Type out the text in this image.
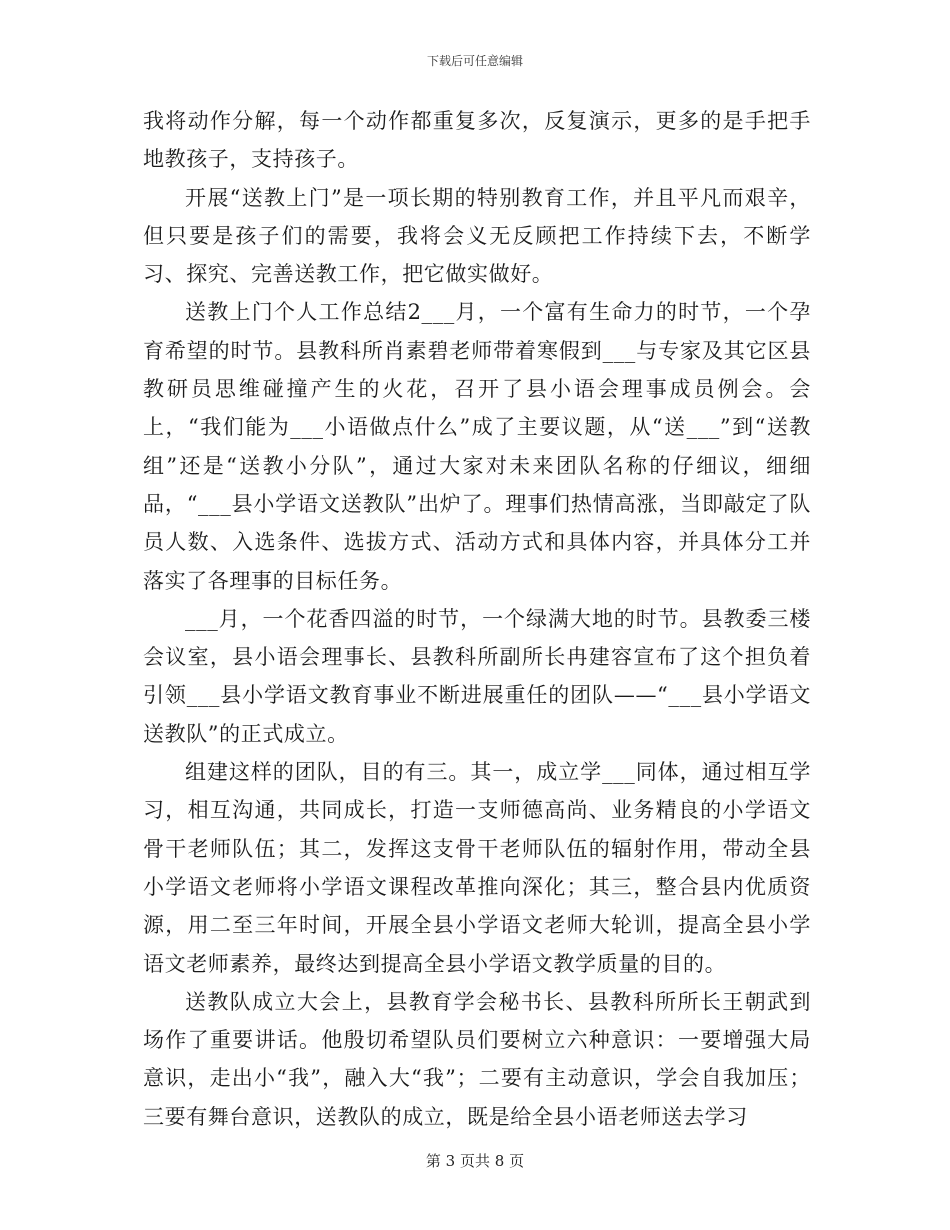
下载后可任意编辑

我将动作分解，每一个动作都重复多次，反复演示，更多的是手把手地教孩子，支持孩子。

开展“送教上门”是一项长期的特别教育工作，并且平凡而艰辛，但只要是孩子们的需要，我将会义无反顾把工作持续下去，不断学习、探究、完善送教工作，把它做实做好。

送教上门个人工作总结2___月，一个富有生命力的时节，一个孕育希望的时节。县教科所肖素碧老师带着寒假到___与专家及其它区县教研员思维碰撞产生的火花，召开了县小语会理事成员例会。会上，“我们能为___小语做点什么”成了主要议题，从“送___”到“送教组”还是“送教小分队”，通过大家对未来团队名称的仔细议，细细品，“___县小学语文送教队”出炉了。理事们热情高涨，当即敲定了队员人数、入选条件、选拔方式、活动方式和具体内容，并具体分工并落实了各理事的目标任务。

___月，一个花香四溢的时节，一个绿满大地的时节。县教委三楼会议室，县小语会理事长、县教科所副所长冉建容宣布了这个担负着引领___县小学语文教育事业不断进展重任的团队——“___县小学语文送教队”的正式成立。

组建这样的团队，目的有三。其一，成立学___同体，通过相互学习，相互沟通，共同成长，打造一支师德高尚、业务精良的小学语文骨干老师队伍；其二，发挥这支骨干老师队伍的辐射作用，带动全县小学语文老师将小学语文课程改革推向深化；其三，整合县内优质资源，用二至三年时间，开展全县小学语文老师大轮训，提高全县小学语文老师素养，最终达到提高全县小学语文教学质量的目的。

送教队成立大会上，县教育学会秘书长、县教科所所长王朝武到场作了重要讲话。他殷切希望队员们要树立六种意识：一要增强大局意识，走出小“我”，融入大“我”；二要有主动意识，学会自我加压；三要有舞台意识，送教队的成立，既是给全县小语老师送去学习

第 3 页共 8 页
